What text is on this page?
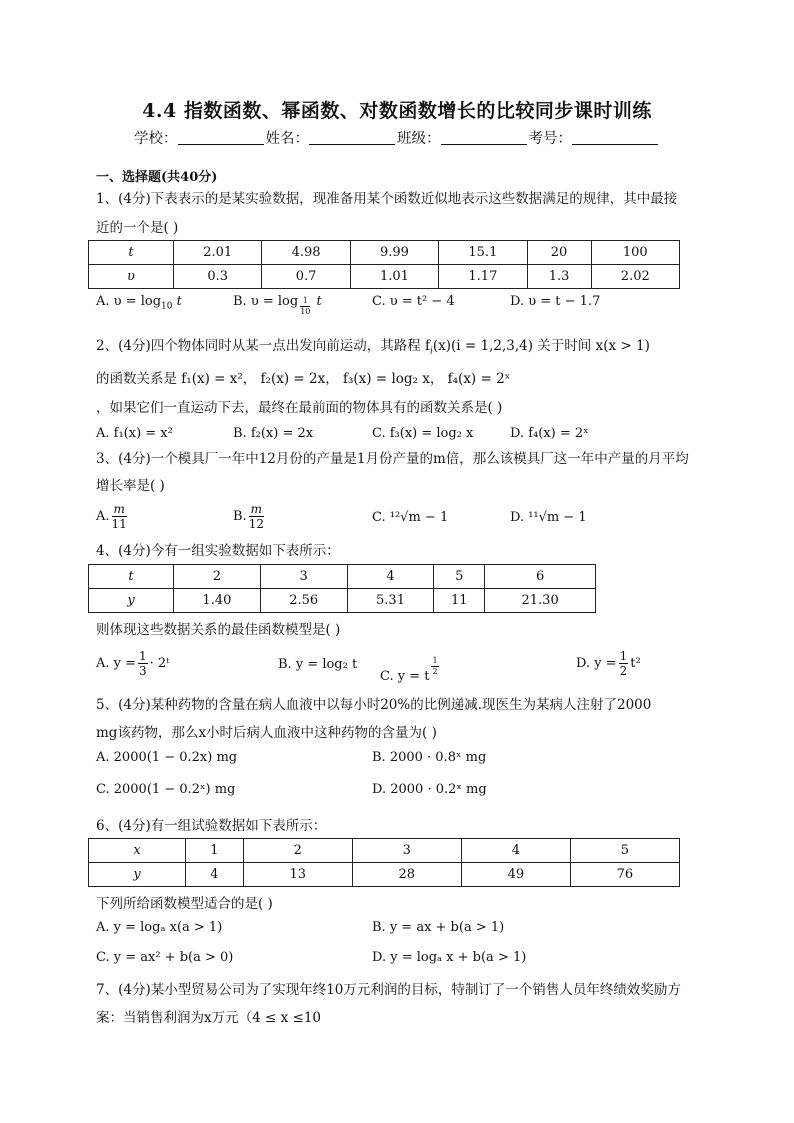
4.4 指数函数、幂函数、对数函数增长的比较同步课时训练
学校：	姓名：	班级：	考号：
一、选择题(共40分)
1、(4分)下表表示的是某实验数据，现准备用某个函数近似地表示这些数据满足的规律，其中最接
近的一个是( )
t	2.01	4.98	9.99	15.1	20	100
υ	0.3	0.7	1.01	1.17	1.3	2.02
A. $\upsilon = \log_{10} t$	B. $\upsilon = \log \frac{1}{10}$ t	C. υ = t² − 4	D. υ = t − 1.7
2、(4分)四个物体同时从某一点出发向前运动，其路程 $f_i(x)(i = 1,2,3,4)$ 关于时间 x(x > 1)
的函数关系是 f₁(x) = x²， f₂(x) = 2x， f₃(x) = log₂ x， f₄(x) = 2ˣ
，如果它们一直运动下去，最终在最前面的物体具有的函数关系是( )
A. f₁(x) = x²	B. f₂(x) = 2x	C. f₃(x) = log₂ x	D. f₄(x) = 2ˣ
3、(4分)一个模具厂一年中12月份的产量是1月份产量的m倍，那么该模具厂这一年中产量的月平均
增长率是( )
A. $\frac{m}{11}$	B. $\frac{m}{12}$	C. ¹²√m − 1	D. ¹¹√m − 1
4、(4分)今有一组实验数据如下表所示：
t	2	3	4	5	6
y	1.40	2.56	5.31	11	21.30
则体现这些数据关系的最佳函数模型是( )
A. $y = \frac{1}{3}$ · 2ᵗ	B. y = log₂ t
C. y = t
$\frac{1}{2}$	D. $y = \frac{1}{2} t^2$
5、(4分)某种药物的含量在病人血液中以每小时20%的比例递减.现医生为某病人注射了2000
mg该药物，那么x小时后病人血液中这种药物的含量为( )
A. 2000(1 − 0.2x) mg	B. 2000 · 0.8ˣ mg
C. 2000(1 − 0.2ˣ) mg	D. 2000 · 0.2ˣ mg
6、(4分)有一组试验数据如下表所示：
x	1	2	3	4	5
y	4	13	28	49	76
下列所给函数模型适合的是( )
A. y = logₐ x(a > 1)	B. y = ax + b(a > 1)
C. y = ax² + b(a > 0)	D. y = logₐ x + b(a > 1)
7、(4分)某小型贸易公司为了实现年终10万元利润的目标，特制订了一个销售人员年终绩效奖励方
案：当销售利润为x万元（4 ≤ x ≤10
